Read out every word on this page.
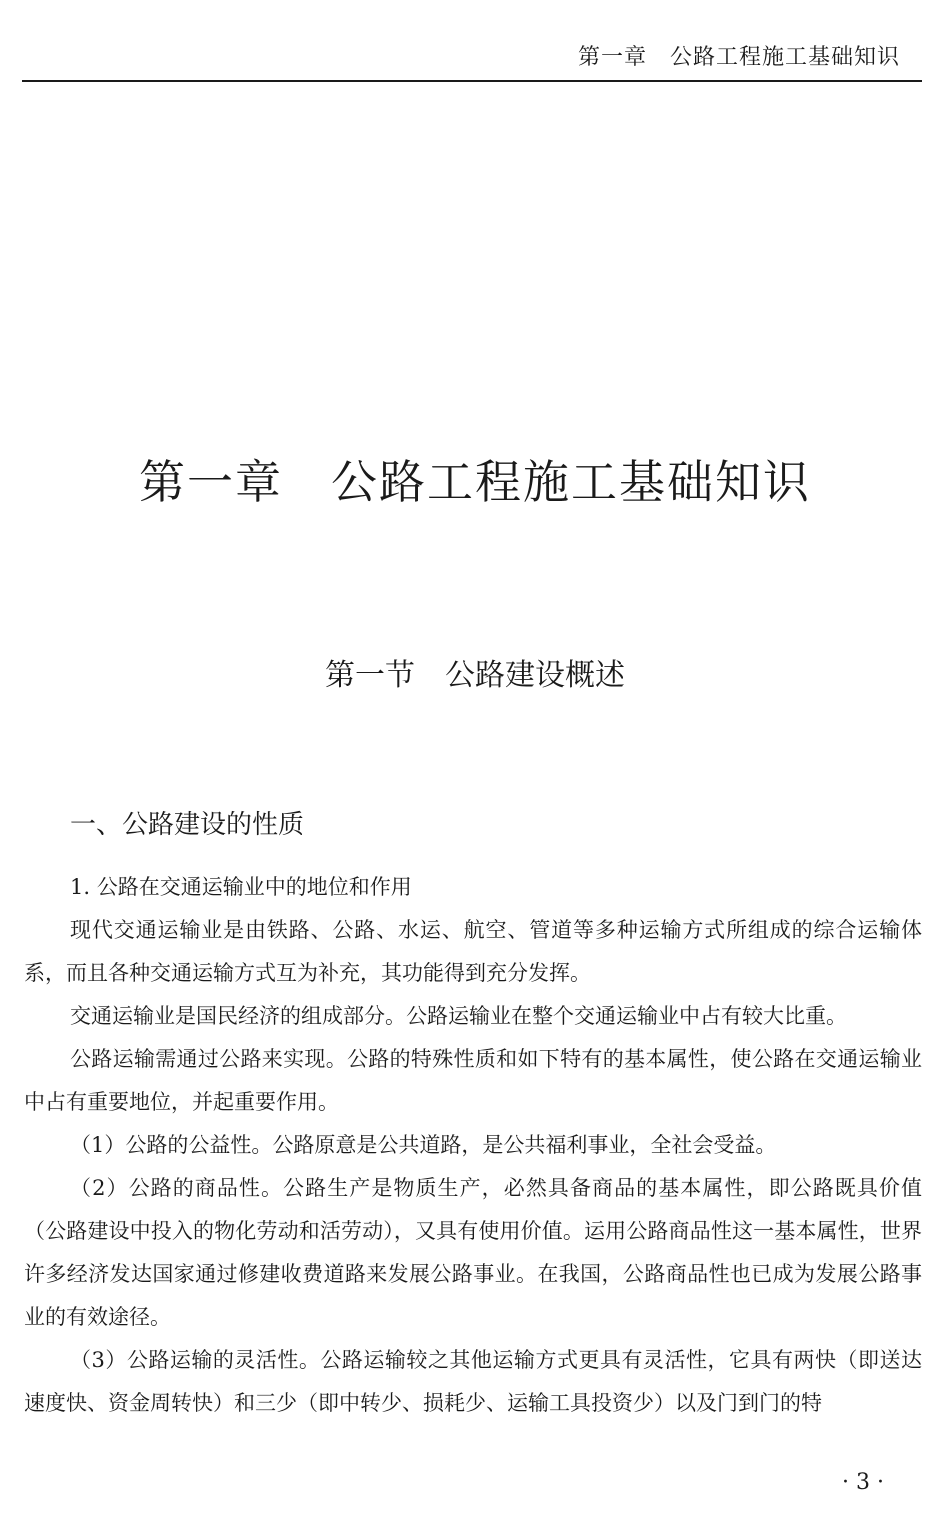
第一章　公路工程施工基础知识
第一章　公路工程施工基础知识
第一节　公路建设概述
一、公路建设的性质

1. 公路在交通运输业中的地位和作用

现代交通运输业是由铁路、公路、水运、航空、管道等多种运输方式所组成的综合运输体系，而且各种交通运输方式互为补充，其功能得到充分发挥。

交通运输业是国民经济的组成部分。公路运输业在整个交通运输业中占有较大比重。

公路运输需通过公路来实现。公路的特殊性质和如下特有的基本属性，使公路在交通运输业中占有重要地位，并起重要作用。

（1）公路的公益性。公路原意是公共道路，是公共福利事业，全社会受益。

（2）公路的商品性。公路生产是物质生产，必然具备商品的基本属性，即公路既具价值（公路建设中投入的物化劳动和活劳动），又具有使用价值。运用公路商品性这一基本属性，世界许多经济发达国家通过修建收费道路来发展公路事业。在我国，公路商品性也已成为发展公路事业的有效途径。

（3）公路运输的灵活性。公路运输较之其他运输方式更具有灵活性，它具有两快（即送达速度快、资金周转快）和三少（即中转少、损耗少、运输工具投资少）以及门到门的特

· 3 ·
